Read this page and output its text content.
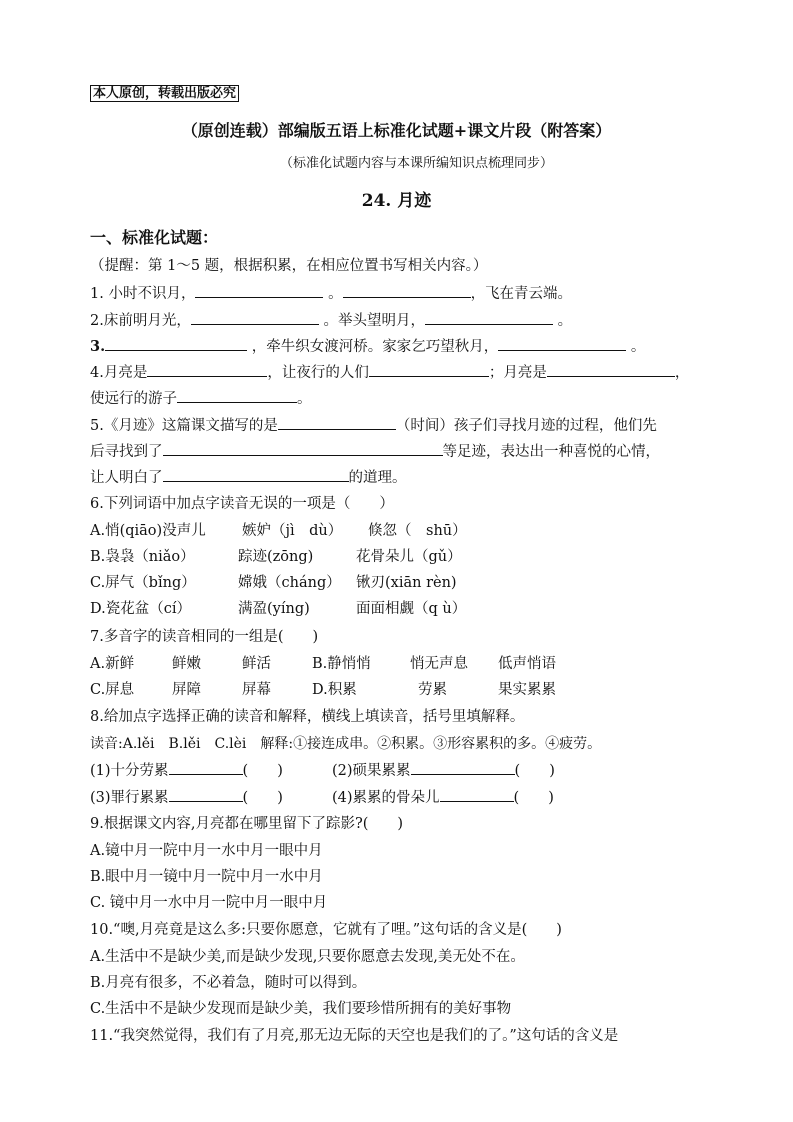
本人原创，转载出版必究
（原创连载）部编版五语上标准化试题+课文片段（附答案）
（标准化试题内容与本课所编知识点梳理同步）
24. 月迹
一、标准化试题：
（提醒：第 1～5 题，根据积累，在相应位置书写相关内容。）
1. 小时不识月，	。	，飞在青云端。
2.床前明月光，	。举头望明月，	。
3.	，牵牛织女渡河桥。家家乞巧望秋月，	。
4.月亮是	，让夜行的人们	；月亮是	，
使远行的游子	。
5.《月迹》这篇课文描写的是	（时间）孩子们寻找月迹的过程，他们先
后寻找到了	等足迹，表达出一种喜悦的心情，
让人明白了	的道理。
6.下列词语中加点字读音无误的一项是（　　）
A.悄(qiāo)没声儿	嫉妒（jì　dù） 倏忽（　shū）
B.袅袅（niǎo）	踪迹(zōng)	花骨朵儿（gǔ）
C.屏气（bǐng）	嫦娥（cháng） 锹刃(xiān rèn)
D.瓷花盆（cí）	满盈(yíng)	面面相觑（q ù）
7.多音字的读音相同的一组是(　　)
A.新鲜	鲜嫩	鲜活	B.静悄悄	悄无声息 低声悄语
C.屏息	屏障	屏幕	D.积累	劳累	果实累累
8.给加点字选择正确的读音和解释，横线上填读音，括号里填解释。
读音:A.lěi　B.lěi　C.lèi　解释:①接连成串。②积累。③形容累积的多。④疲劳。
(1)十分劳累	(　　)	(2)硕果累累	(　　)
(3)罪行累累	(　　)	(4)累累的骨朵儿	(　　)
9.根据课文内容,月亮都在哪里留下了踪影?(　　)
A.镜中月一院中月一水中月一眼中月
B.眼中月一镜中月一院中月一水中月
C. 镜中月一水中月一院中月一眼中月
10.“噢,月亮竟是这么多:只要你愿意，它就有了哩。”这句话的含义是(　　)
A.生活中不是缺少美,而是缺少发现,只要你愿意去发现,美无处不在。
B.月亮有很多，不必着急，随时可以得到。
C.生活中不是缺少发现而是缺少美，我们要珍惜所拥有的美好事物
11.“我突然觉得，我们有了月亮,那无边无际的天空也是我们的了。”这句话的含义是
